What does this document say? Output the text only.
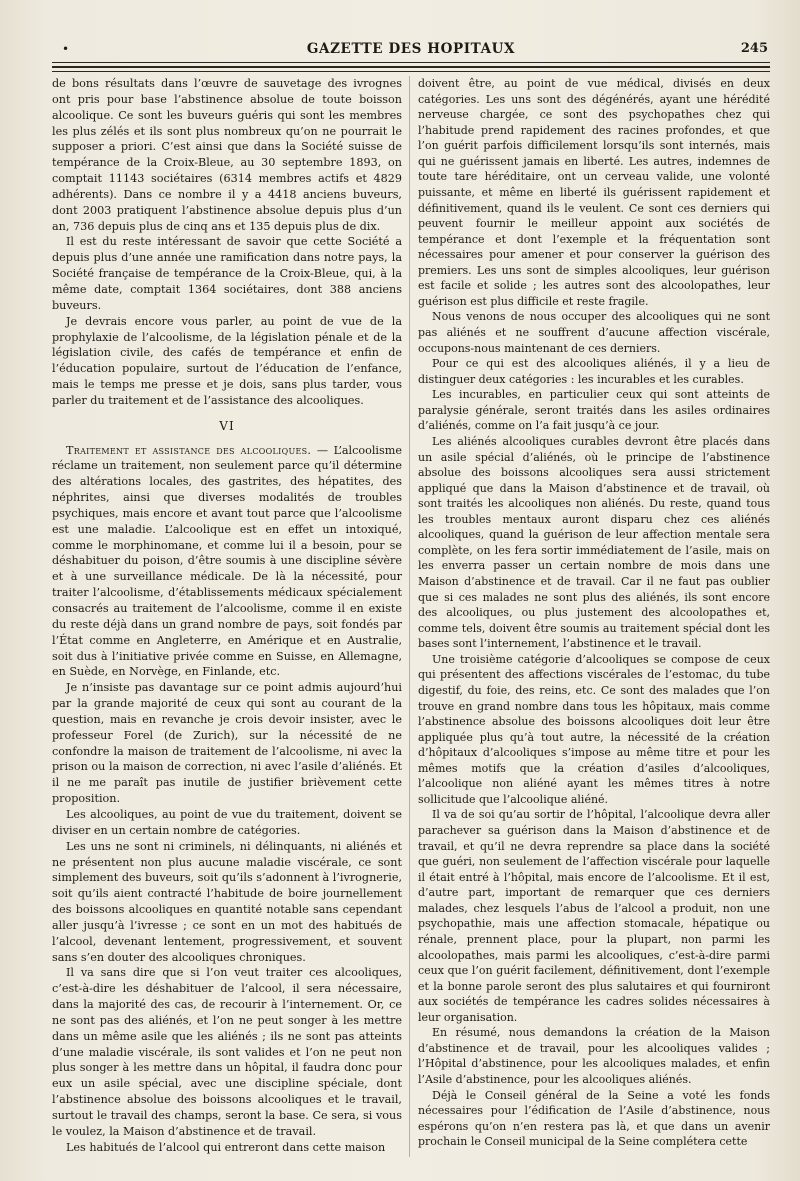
•	GAZETTE DES HOPITAUX	245

de bons résultats dans l’œuvre de sauvetage des ivrognes ont pris pour base l’abstinence absolue de toute boisson alcoolique. Ce sont les buveurs guéris qui sont les membres les plus zélés et ils sont plus nombreux qu’on ne pourrait le supposer a priori. C’est ainsi que dans la Société suisse de tempérance de la Croix-Bleue, au 30 septembre 1893, on comptait 11143 sociétaires (6314 membres actifs et 4829 adhérents). Dans ce nombre il y a 4418 anciens buveurs, dont 2003 pratiquent l’abstinence absolue depuis plus d’un an, 736 depuis plus de cinq ans et 135 depuis plus de dix.

Il est du reste intéressant de savoir que cette Société a depuis plus d’une année une ramification dans notre pays, la Société française de tempérance de la Croix-Bleue, qui, à la même date, comptait 1364 sociétaires, dont 388 anciens buveurs.

Je devrais encore vous parler, au point de vue de la prophylaxie de l’alcoolisme, de la législation pénale et de la législation civile, des cafés de tempérance et enfin de l’éducation populaire, surtout de l’éducation de l’enfance, mais le temps me presse et je dois, sans plus tarder, vous parler du traitement et de l’assistance des alcooliques.

VI

Traitement et assistance des alcooliques. — L’alcoolisme réclame un traitement, non seulement parce qu’il détermine des altérations locales, des gastrites, des hépatites, des néphrites, ainsi que diverses modalités de troubles psychiques, mais encore et avant tout parce que l’alcoolisme est une maladie. L’alcoolique est en effet un intoxiqué, comme le morphinomane, et comme lui il a besoin, pour se déshabituer du poison, d’être soumis à une discipline sévère et à une surveillance médicale. De là la nécessité, pour traiter l’alcoolisme, d’établissements médicaux spécialement consacrés au traitement de l’alcoolisme, comme il en existe du reste déjà dans un grand nombre de pays, soit fondés par l’État comme en Angleterre, en Amérique et en Australie, soit dus à l’initiative privée comme en Suisse, en Allemagne, en Suède, en Norvège, en Finlande, etc.

Je n’insiste pas davantage sur ce point admis aujourd’hui par la grande majorité de ceux qui sont au courant de la question, mais en revanche je crois devoir insister, avec le professeur Forel (de Zurich), sur la nécessité de ne confondre la maison de traitement de l’alcoolisme, ni avec la prison ou la maison de correction, ni avec l’asile d’aliénés. Et il ne me paraît pas inutile de justifier brièvement cette proposition.

Les alcooliques, au point de vue du traitement, doivent se diviser en un certain nombre de catégories.

Les uns ne sont ni criminels, ni délinquants, ni aliénés et ne présentent non plus aucune maladie viscérale, ce sont simplement des buveurs, soit qu’ils s’adonnent à l’ivrognerie, soit qu’ils aient contracté l’habitude de boire journellement des boissons alcooliques en quantité notable sans cependant aller jusqu’à l’ivresse ; ce sont en un mot des habitués de l’alcool, devenant lentement, progressivement, et souvent sans s’en douter des alcooliques chroniques.

Il va sans dire que si l’on veut traiter ces alcooliques, c’est-à-dire les déshabituer de l’alcool, il sera nécessaire, dans la majorité des cas, de recourir à l’internement. Or, ce ne sont pas des aliénés, et l’on ne peut songer à les mettre dans un même asile que les aliénés ; ils ne sont pas atteints d’une maladie viscérale, ils sont valides et l’on ne peut non plus songer à les mettre dans un hôpital, il faudra donc pour eux un asile spécial, avec une discipline spéciale, dont l’abstinence absolue des boissons alcooliques et le travail, surtout le travail des champs, seront la base. Ce sera, si vous le voulez, la Maison d’abstinence et de travail.

Les habitués de l’alcool qui entreront dans cette maison

doivent être, au point de vue médical, divisés en deux catégories. Les uns sont des dégénérés, ayant une hérédité nerveuse chargée, ce sont des psychopathes chez qui l’habitude prend rapidement des racines profondes, et que l’on guérit parfois difficilement lorsqu’ils sont internés, mais qui ne guérissent jamais en liberté. Les autres, indemnes de toute tare héréditaire, ont un cerveau valide, une volonté puissante, et même en liberté ils guérissent rapidement et définitivement, quand ils le veulent. Ce sont ces derniers qui peuvent fournir le meilleur appoint aux sociétés de tempérance et dont l’exemple et la fréquentation sont nécessaires pour amener et pour conserver la guérison des premiers. Les uns sont de simples alcooliques, leur guérison est facile et solide ; les autres sont des alcoolopathes, leur guérison est plus difficile et reste fragile.

Nous venons de nous occuper des alcooliques qui ne sont pas aliénés et ne souffrent d’aucune affection viscérale, occupons-nous maintenant de ces derniers.

Pour ce qui est des alcooliques aliénés, il y a lieu de distinguer deux catégories : les incurables et les curables.

Les incurables, en particulier ceux qui sont atteints de paralysie générale, seront traités dans les asiles ordinaires d’aliénés, comme on l’a fait jusqu’à ce jour.

Les aliénés alcooliques curables devront être placés dans un asile spécial d’aliénés, où le principe de l’abstinence absolue des boissons alcooliques sera aussi strictement appliqué que dans la Maison d’abstinence et de travail, où sont traités les alcooliques non aliénés. Du reste, quand tous les troubles mentaux auront disparu chez ces aliénés alcooliques, quand la guérison de leur affection mentale sera complète, on les fera sortir immédiatement de l’asile, mais on les enverra passer un certain nombre de mois dans une Maison d’abstinence et de travail. Car il ne faut pas oublier que si ces malades ne sont plus des aliénés, ils sont encore des alcooliques, ou plus justement des alcoolopathes et, comme tels, doivent être soumis au traitement spécial dont les bases sont l’internement, l’abstinence et le travail.

Une troisième catégorie d’alcooliques se compose de ceux qui présentent des affections viscérales de l’estomac, du tube digestif, du foie, des reins, etc. Ce sont des malades que l’on trouve en grand nombre dans tous les hôpitaux, mais comme l’abstinence absolue des boissons alcooliques doit leur être appliquée plus qu’à tout autre, la nécessité de la création d’hôpitaux d’alcooliques s’impose au même titre et pour les mêmes motifs que la création d’asiles d’alcooliques, l’alcoolique non aliéné ayant les mêmes titres à notre sollicitude que l’alcoolique aliéné.

Il va de soi qu’au sortir de l’hôpital, l’alcoolique devra aller parachever sa guérison dans la Maison d’abstinence et de travail, et qu’il ne devra reprendre sa place dans la société que guéri, non seulement de l’affection viscérale pour laquelle il était entré à l’hôpital, mais encore de l’alcoolisme. Et il est, d’autre part, important de remarquer que ces derniers malades, chez lesquels l’abus de l’alcool a produit, non une psychopathie, mais une affection stomacale, hépatique ou rénale, prennent place, pour la plupart, non parmi les alcoolopathes, mais parmi les alcooliques, c’est-à-dire parmi ceux que l’on guérit facilement, définitivement, dont l’exemple et la bonne parole seront des plus salutaires et qui fourniront aux sociétés de tempérance les cadres solides nécessaires à leur organisation.

En résumé, nous demandons la création de la Maison d’abstinence et de travail, pour les alcooliques valides ; l’Hôpital d’abstinence, pour les alcooliques malades, et enfin l’Asile d’abstinence, pour les alcooliques aliénés.

Déjà le Conseil général de la Seine a voté les fonds nécessaires pour l’édification de l’Asile d’abstinence, nous espérons qu’on n’en restera pas là, et que dans un avenir prochain le Conseil municipal de la Seine complétera cette
